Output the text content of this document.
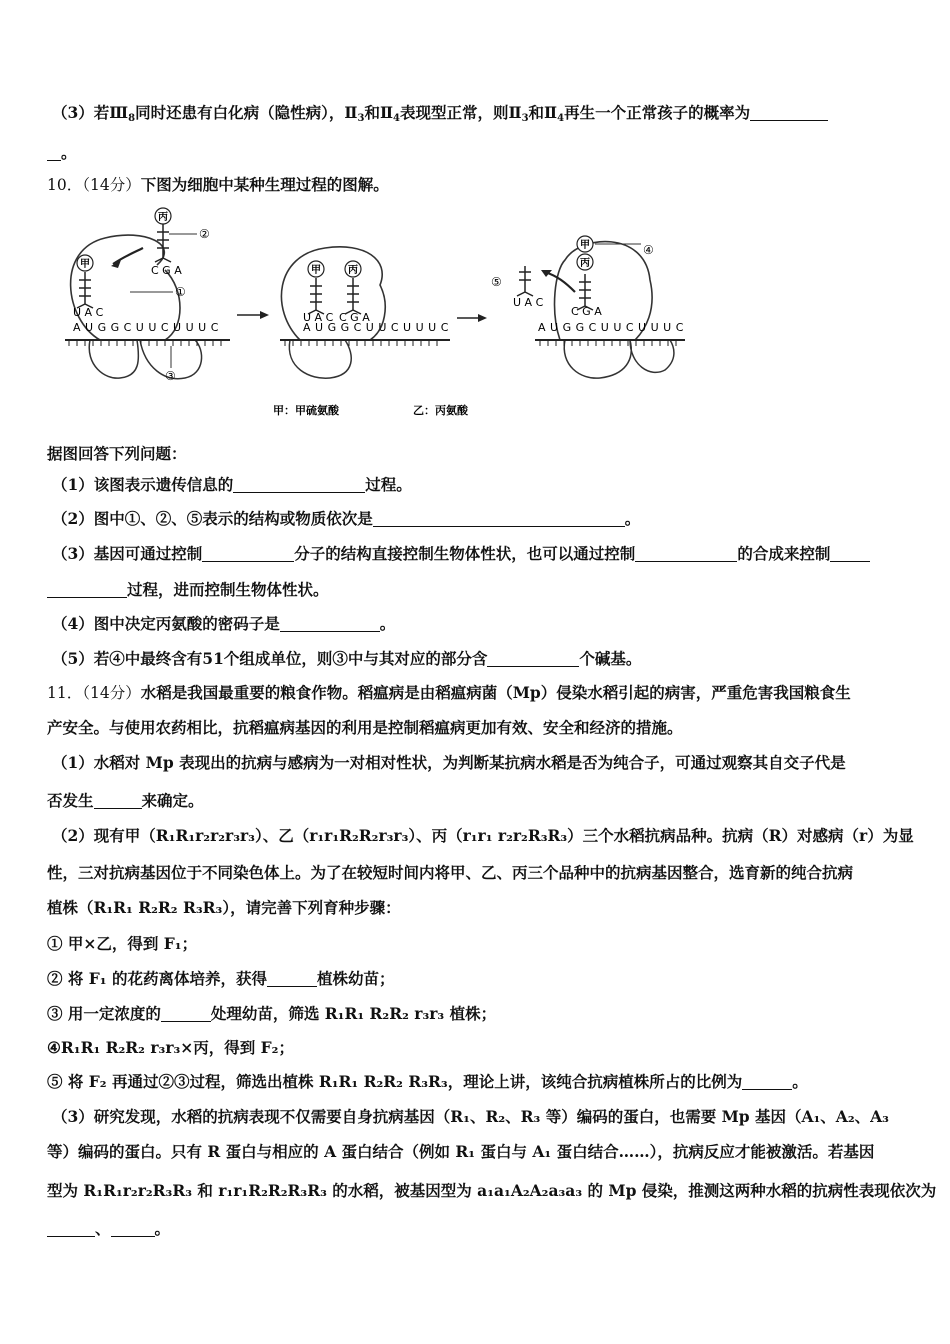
（3）若$Ⅲ_8$同时还患有白化病（隐性病），$Ⅱ_3$和$Ⅱ_4$表现型正常，则$Ⅱ_3$和$Ⅱ_4$再生一个正常孩子的概率为
。
10．（14分）下图为细胞中某种生理过程的图解。
A U G G C U U C U U U C
U A C
甲
丙
C G A
②
①
③
A U G G C U U C U U U C
U A C C G A
甲	丙
A U G G C U U C U U U C
C G A
丙
甲	④
U A C
⑤
甲：甲硫氨酸	乙：丙氨酸
据图回答下列问题：
（1）该图表示遗传信息的	过程。
（2）图中①、②、⑤表示的结构或物质依次是	。
（3）基因可通过控制	分子的结构直接控制生物体性状，也可以通过控制	的合成来控制
过程，进而控制生物体性状。
（4）图中决定丙氨酸的密码子是	。
（5）若④中最终含有51个组成单位，则③中与其对应的部分含	个碱基。
11．（14分）水稻是我国最重要的粮食作物。稻瘟病是由稻瘟病菌（Mp）侵染水稻引起的病害，严重危害我国粮食生
产安全。与使用农药相比，抗稻瘟病基因的利用是控制稻瘟病更加有效、安全和经济的措施。
（1）水稻对 Mp 表现出的抗病与感病为一对相对性状，为判断某抗病水稻是否为纯合子，可通过观察其自交子代是
否发生	来确定。
（2）现有甲（R₁R₁r₂r₂r₃r₃）、乙（r₁r₁R₂R₂r₃r₃）、丙（r₁r₁ r₂r₂R₃R₃）三个水稻抗病品种。抗病（R）对感病（r）为显
性，三对抗病基因位于不同染色体上。为了在较短时间内将甲、乙、丙三个品种中的抗病基因整合，选育新的纯合抗病
植株（R₁R₁ R₂R₂ R₃R₃），请完善下列育种步骤：
① 甲×乙，得到 F₁；
② 将 F₁ 的花药离体培养，获得	植株幼苗；
③ 用一定浓度的	处理幼苗，筛选 R₁R₁ R₂R₂ r₃r₃ 植株；
④R₁R₁ R₂R₂ r₃r₃×丙，得到 F₂；
⑤ 将 F₂ 再通过②③过程，筛选出植株 R₁R₁ R₂R₂ R₃R₃，理论上讲，该纯合抗病植株所占的比例为	。
（3）研究发现，水稻的抗病表现不仅需要自身抗病基因（R₁、R₂、R₃ 等）编码的蛋白，也需要 Mp 基因（A₁、A₂、A₃
等）编码的蛋白。只有 R 蛋白与相应的 A 蛋白结合（例如 R₁ 蛋白与 A₁ 蛋白结合……），抗病反应才能被激活。若基因
型为 R₁R₁r₂r₂R₃R₃ 和 r₁r₁R₂R₂R₃R₃ 的水稻，被基因型为 a₁a₁A₂A₂a₃a₃ 的 Mp 侵染，推测这两种水稻的抗病性表现依次为
、	。
